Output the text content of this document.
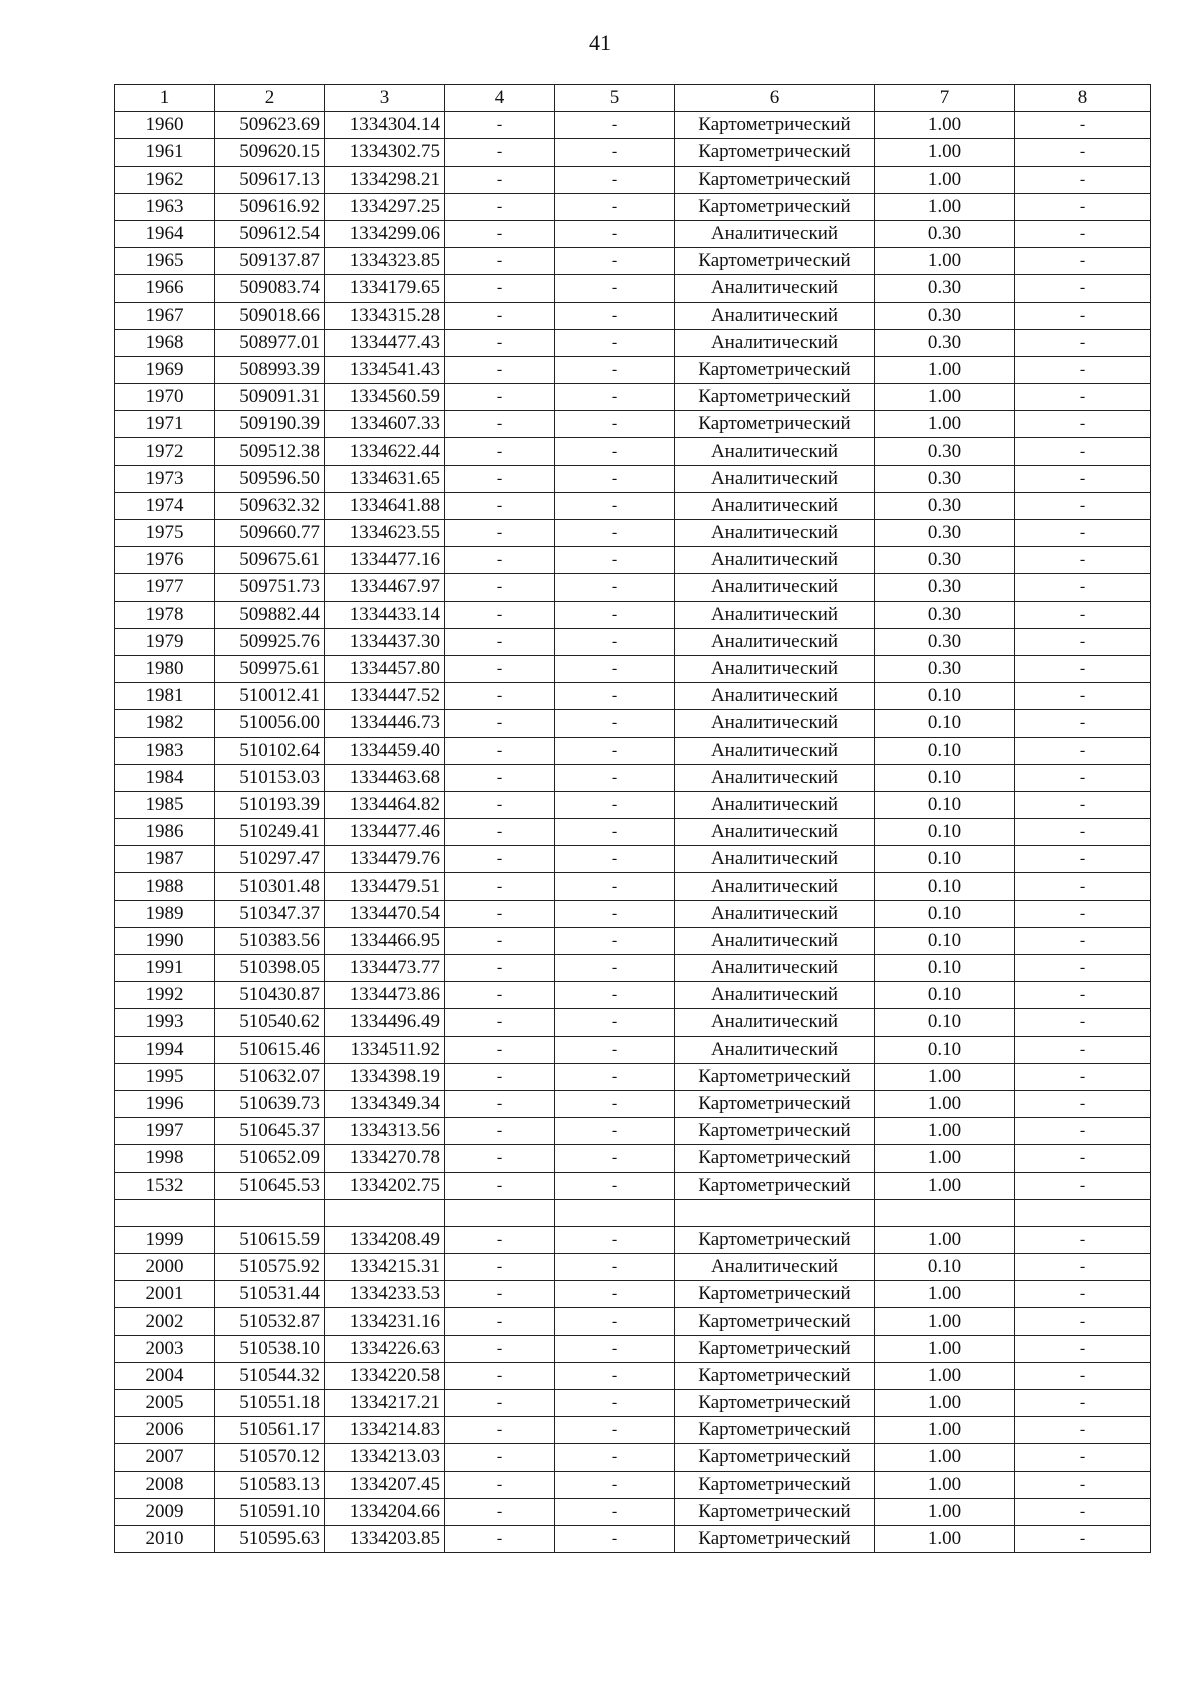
41
1	2	3	4	5	6	7	8
1960	509623.69	1334304.14	-	-	Картометрический	1.00	-
1961	509620.15	1334302.75	-	-	Картометрический	1.00	-
1962	509617.13	1334298.21	-	-	Картометрический	1.00	-
1963	509616.92	1334297.25	-	-	Картометрический	1.00	-
1964	509612.54	1334299.06	-	-	Аналитический	0.30	-
1965	509137.87	1334323.85	-	-	Картометрический	1.00	-
1966	509083.74	1334179.65	-	-	Аналитический	0.30	-
1967	509018.66	1334315.28	-	-	Аналитический	0.30	-
1968	508977.01	1334477.43	-	-	Аналитический	0.30	-
1969	508993.39	1334541.43	-	-	Картометрический	1.00	-
1970	509091.31	1334560.59	-	-	Картометрический	1.00	-
1971	509190.39	1334607.33	-	-	Картометрический	1.00	-
1972	509512.38	1334622.44	-	-	Аналитический	0.30	-
1973	509596.50	1334631.65	-	-	Аналитический	0.30	-
1974	509632.32	1334641.88	-	-	Аналитический	0.30	-
1975	509660.77	1334623.55	-	-	Аналитический	0.30	-
1976	509675.61	1334477.16	-	-	Аналитический	0.30	-
1977	509751.73	1334467.97	-	-	Аналитический	0.30	-
1978	509882.44	1334433.14	-	-	Аналитический	0.30	-
1979	509925.76	1334437.30	-	-	Аналитический	0.30	-
1980	509975.61	1334457.80	-	-	Аналитический	0.30	-
1981	510012.41	1334447.52	-	-	Аналитический	0.10	-
1982	510056.00	1334446.73	-	-	Аналитический	0.10	-
1983	510102.64	1334459.40	-	-	Аналитический	0.10	-
1984	510153.03	1334463.68	-	-	Аналитический	0.10	-
1985	510193.39	1334464.82	-	-	Аналитический	0.10	-
1986	510249.41	1334477.46	-	-	Аналитический	0.10	-
1987	510297.47	1334479.76	-	-	Аналитический	0.10	-
1988	510301.48	1334479.51	-	-	Аналитический	0.10	-
1989	510347.37	1334470.54	-	-	Аналитический	0.10	-
1990	510383.56	1334466.95	-	-	Аналитический	0.10	-
1991	510398.05	1334473.77	-	-	Аналитический	0.10	-
1992	510430.87	1334473.86	-	-	Аналитический	0.10	-
1993	510540.62	1334496.49	-	-	Аналитический	0.10	-
1994	510615.46	1334511.92	-	-	Аналитический	0.10	-
1995	510632.07	1334398.19	-	-	Картометрический	1.00	-
1996	510639.73	1334349.34	-	-	Картометрический	1.00	-
1997	510645.37	1334313.56	-	-	Картометрический	1.00	-
1998	510652.09	1334270.78	-	-	Картометрический	1.00	-
1532	510645.53	1334202.75	-	-	Картометрический	1.00	-

1999	510615.59	1334208.49	-	-	Картометрический	1.00	-
2000	510575.92	1334215.31	-	-	Аналитический	0.10	-
2001	510531.44	1334233.53	-	-	Картометрический	1.00	-
2002	510532.87	1334231.16	-	-	Картометрический	1.00	-
2003	510538.10	1334226.63	-	-	Картометрический	1.00	-
2004	510544.32	1334220.58	-	-	Картометрический	1.00	-
2005	510551.18	1334217.21	-	-	Картометрический	1.00	-
2006	510561.17	1334214.83	-	-	Картометрический	1.00	-
2007	510570.12	1334213.03	-	-	Картометрический	1.00	-
2008	510583.13	1334207.45	-	-	Картометрический	1.00	-
2009	510591.10	1334204.66	-	-	Картометрический	1.00	-
2010	510595.63	1334203.85	-	-	Картометрический	1.00	-
